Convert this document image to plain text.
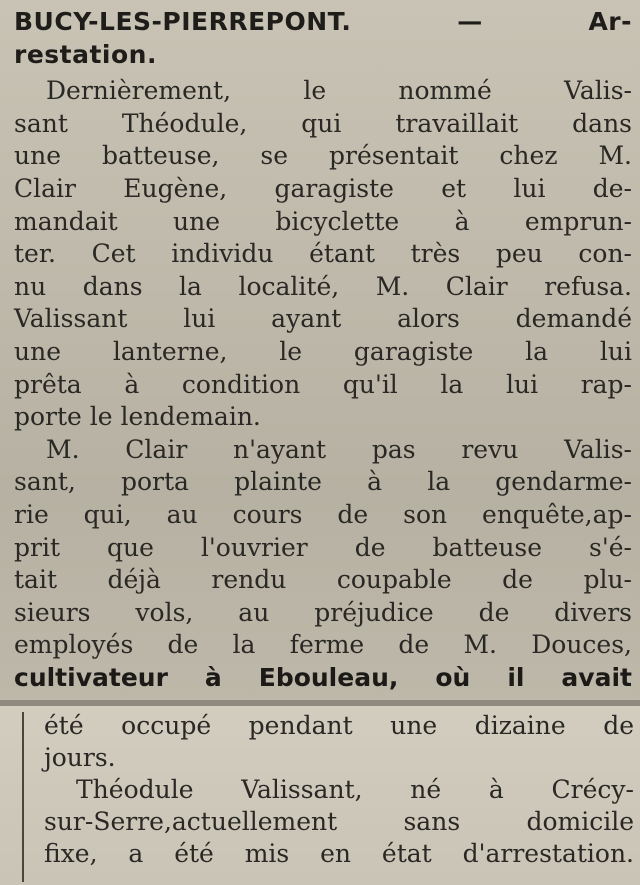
BUCY-LES-PIERREPONT. — Ar-
restation.
Dernièrement, le nommé Valis-
sant Théodule, qui travaillait dans
une batteuse, se présentait chez M.
Clair Eugène, garagiste et lui de-
mandait une bicyclette à emprun-
ter. Cet individu étant très peu con-
nu dans la localité, M. Clair refusa.
Valissant lui ayant alors demandé
une lanterne, le garagiste la lui
prêta à condition qu'il la lui rap-
porte le lendemain.
M. Clair n'ayant pas revu Valis-
sant, porta plainte à la gendarme-
rie qui, au cours de son enquête,ap-
prit que l'ouvrier de batteuse s'é-
tait déjà rendu coupable de plu-
sieurs vols, au préjudice de divers
employés de la ferme de M. Douces,
cultivateur à Ebouleau, où il avait
été occupé pendant une dizaine de
jours.
Théodule Valissant, né à Crécy-
sur-Serre,actuellement sans domicile
fixe, a été mis en état d'arrestation.
